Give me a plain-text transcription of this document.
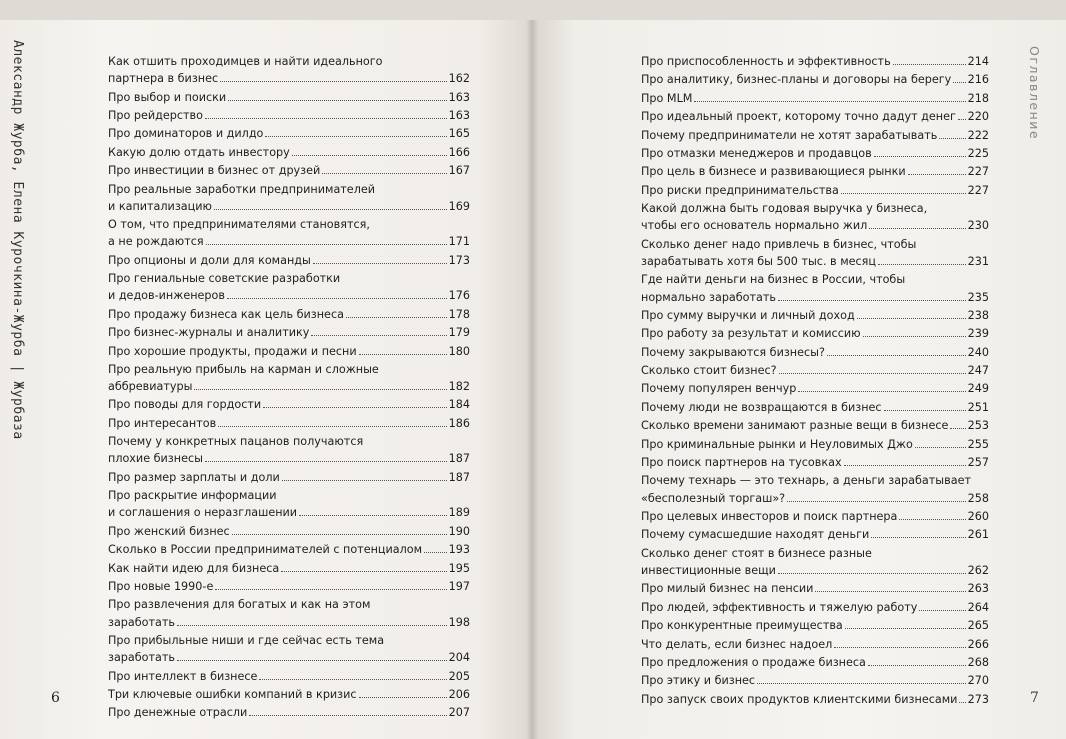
Александр Журба, Елена Курочкина-Журба | Журбаза	Оглавление
Как отшить проходимцев и найти идеального
партнера в бизнес	162
Про выбор и поиски	163
Про рейдерство	163
Про доминаторов и дилдо	165
Какую долю отдать инвестору	166
Про инвестиции в бизнес от друзей	167
Про реальные заработки предпринимателей
и капитализацию	169
О том, что предпринимателями становятся,
а не рождаются	171
Про опционы и доли для команды	173
Про гениальные советские разработки
и дедов-инженеров	176
Про продажу бизнеса как цель бизнеса	178
Про бизнес-журналы и аналитику	179
Про хорошие продукты, продажи и песни	180
Про реальную прибыль на карман и сложные
аббревиатуры	182
Про поводы для гордости	184
Про интересантов	186
Почему у конкретных пацанов получаются
плохие бизнесы	187
Про размер зарплаты и доли	187
Про раскрытие информации
и соглашения о неразглашении	189
Про женский бизнес	190
Сколько в России предпринимателей с потенциалом 193
Как найти идею для бизнеса	195
Про новые 1990-е	197
Про развлечения для богатых и как на этом
заработать	198
Про прибыльные ниши и где сейчас есть тема
заработать	204
Про интеллект в бизнесе	205
Три ключевые ошибки компаний в кризис	206
Про денежные отрасли	207
Про приспособленность и эффективность	214
Про аналитику, бизнес-планы и договоры на берегу 216
Про MLM	218
Про идеальный проект, которому точно дадут денег 220
Почему предприниматели не хотят зарабатывать	222
Про отмазки менеджеров и продавцов	225
Про цель в бизнесе и развивающиеся рынки	227
Про риски предпринимательства	227
Какой должна быть годовая выручка у бизнеса,
чтобы его основатель нормально жил	230
Сколько денег надо привлечь в бизнес, чтобы
зарабатывать хотя бы 500 тыс. в месяц	231
Где найти деньги на бизнес в России, чтобы
нормально заработать	235
Про сумму выручки и личный доход	238
Про работу за результат и комиссию	239
Почему закрываются бизнесы?	240
Сколько стоит бизнес?	247
Почему популярен венчур	249
Почему люди не возвращаются в бизнес	251
Сколько времени занимают разные вещи в бизнесе 253
Про криминальные рынки и Неуловимых Джо	255
Про поиск партнеров на тусовках	257
Почему технарь — это технарь, а деньги зарабатывает
«бесполезный торгаш»?	258
Про целевых инвесторов и поиск партнера	260
Почему сумасшедшие находят деньги	261
Сколько денег стоят в бизнесе разные
инвестиционные вещи	262
Про милый бизнес на пенсии	263
Про людей, эффективность и тяжелую работу	264
Про конкурентные преимущества	265
Что делать, если бизнес надоел	266
Про предложения о продаже бизнеса	268
Про этику и бизнес	270
Про запуск своих продуктов клиентскими бизнесами 273
6	7
